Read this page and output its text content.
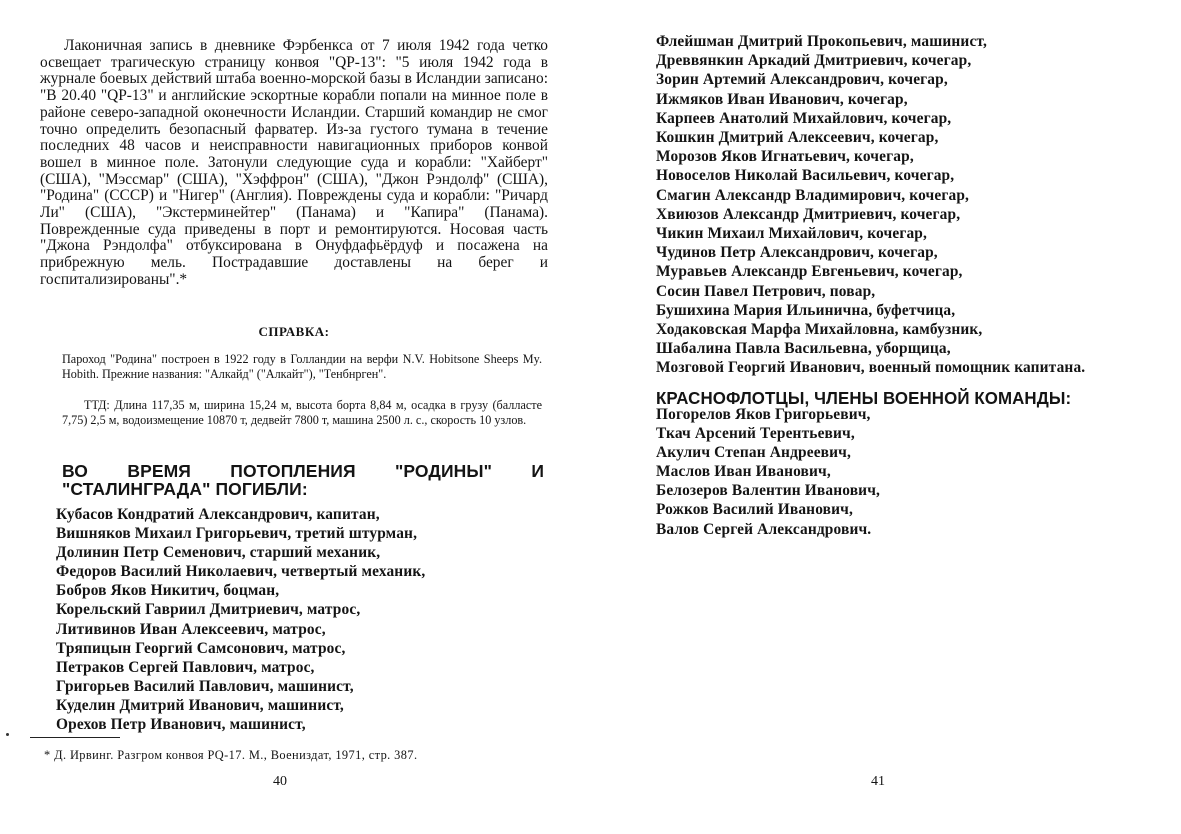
Лаконичная запись в дневнике Фэрбенкса от 7 июля 1942 года четко освещает трагическую страницу конвоя "QP-13": "5 июля 1942 года в журнале боевых действий штаба военно-морской базы в Исландии записано: "В 20.40 "QP-13" и английские эскортные корабли попали на минное поле в районе северо-западной оконечности Исландии. Старший командир не смог точно определить безопасный фарватер. Из-за густого тумана в течение последних 48 часов и неисправности навигационных приборов конвой вошел в минное поле. Затонули следующие суда и корабли: "Хайберт" (США), "Мэссмар" (США), "Хэффрон" (США), "Джон Рэндолф" (США), "Родина" (СССР) и "Нигер" (Англия). Повреждены суда и корабли: "Ричард Ли" (США), "Экстерминейтер" (Панама) и "Капира" (Панама). Поврежденные суда приведены в порт и ремонтируются. Носовая часть "Джона Рэндолфа" отбуксирована в Онуфдафьёрдуф и посажена на прибрежную мель. Пострадавшие доставлены на берег и госпитализированы".*

СПРАВКА:

Пароход "Родина" построен в 1922 году в Голландии на верфи N.V. Hobitsone Sheeps My. Hobith. Прежние названия: "Алкайд" ("Алкайт"), "Тенбнрген".

ТТД: Длина 117,35 м, ширина 15,24 м, высота борта 8,84 м, осадка в грузу (балласте 7,75) 2,5 м, водоизмещение 10870 т, дедвейт 7800 т, машина 2500 л. с., скорость 10 узлов.

ВО ВРЕМЯ ПОТОПЛЕНИЯ "РОДИНЫ" И "СТАЛИНГРАДА" ПОГИБЛИ:
Кубасов Кондратий Александрович, капитан,
Вишняков Михаил Григорьевич, третий штурман,
Долинин Петр Семенович, старший механик,
Федоров Василий Николаевич, четвертый механик,
Бобров Яков Никитич, боцман,
Корельский Гавриил Дмитриевич, матрос,
Литивинов Иван Алексеевич, матрос,
Тряпицын Георгий Самсонович, матрос,
Петраков Сергей Павлович, матрос,
Григорьев Василий Павлович, машинист,
Куделин Дмитрий Иванович, машинист,
Орехов Петр Иванович, машинист,

* Д. Ирвинг. Разгром конвоя PQ-17. М., Воениздат, 1971, стр. 387.

40

Флейшман Дмитрий Прокопьевич, машинист,
Древвянкин Аркадий Дмитриевич, кочегар,
Зорин Артемий Александрович, кочегар,
Ижмяков Иван Иванович, кочегар,
Карпеев Анатолий Михайлович, кочегар,
Кошкин Дмитрий Алексеевич, кочегар,
Морозов Яков Игнатьевич, кочегар,
Новоселов Николай Васильевич, кочегар,
Смагин Александр Владимирович, кочегар,
Хвиюзов Александр Дмитриевич, кочегар,
Чикин Михаил Михайлович, кочегар,
Чудинов Петр Александрович, кочегар,
Муравьев Александр Евгеньевич, кочегар,
Сосин Павел Петрович, повар,
Бушихина Мария Ильинична, буфетчица,
Ходаковская Марфа Михайловна, камбузник,
Шабалина Павла Васильевна, уборщица,
Мозговой Георгий Иванович, военный помощник капитана.
КРАСНОФЛОТЦЫ, ЧЛЕНЫ ВОЕННОЙ КОМАНДЫ:
Погорелов Яков Григорьевич,
Ткач Арсений Терентьевич,
Акулич Степан Андреевич,
Маслов Иван Иванович,
Белозеров Валентин Иванович,
Рожков Василий Иванович,
Валов Сергей Александрович.

41
